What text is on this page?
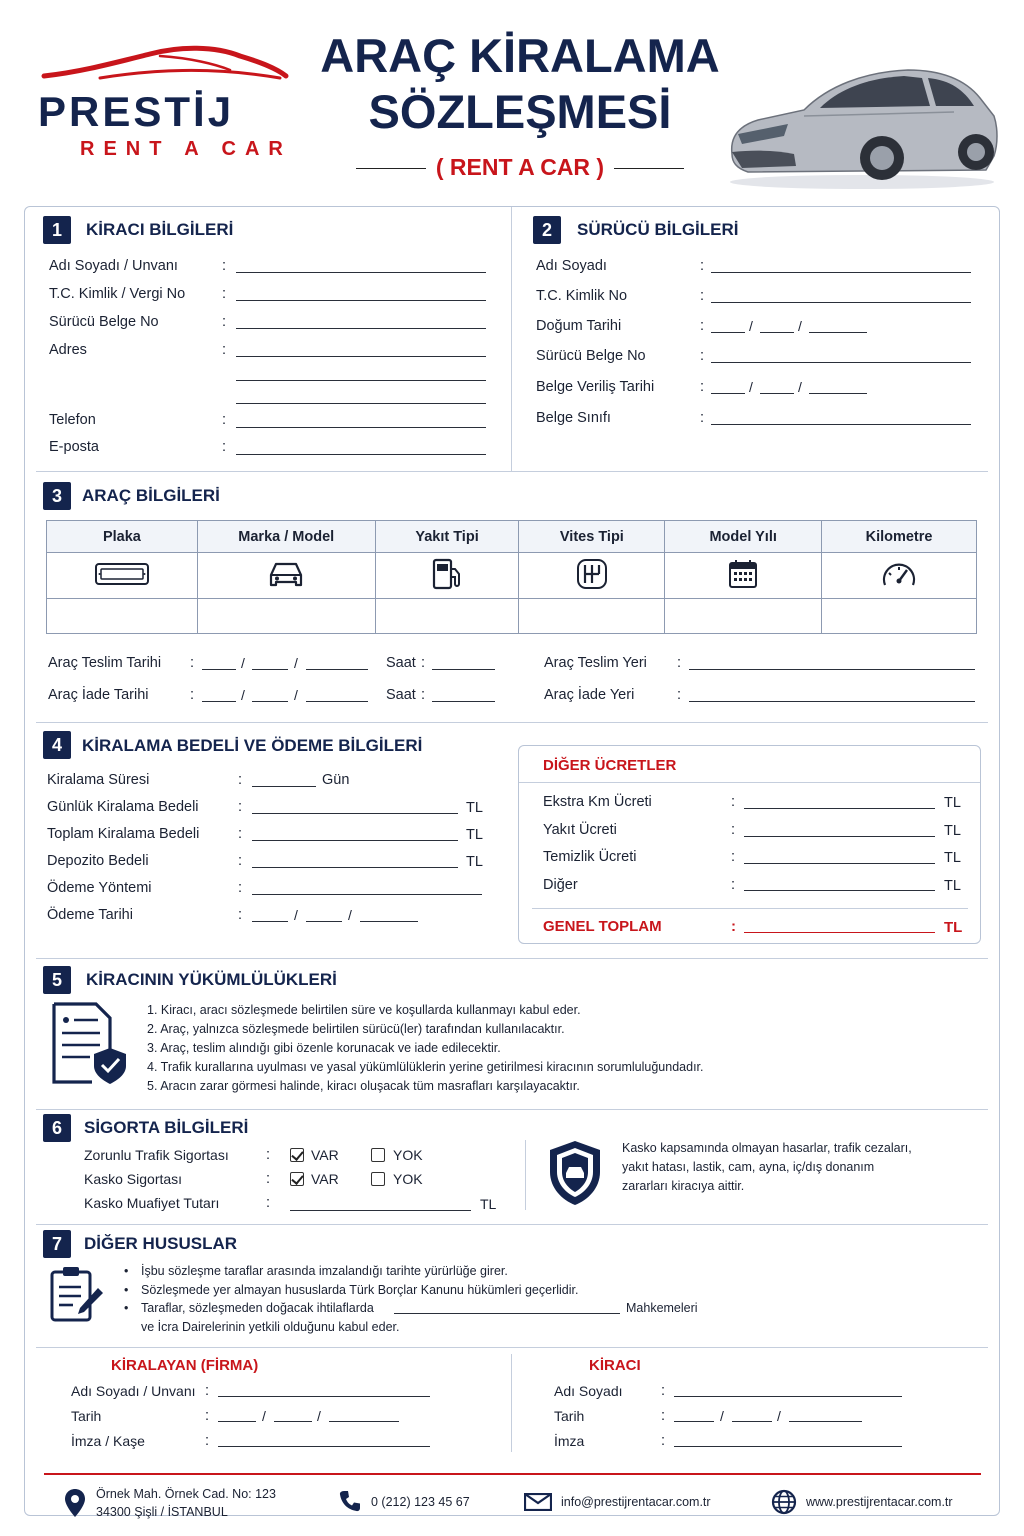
PRESTİJ
RENT A CAR
ARAÇ KİRALAMA
SÖZLEŞMESİ
( RENT A CAR )
1	KİRACI BİLGİLERİ
Adı Soyadı / Unvanı	:
T.C. Kimlik / Vergi No	:
Sürücü Belge No	:
Adres	:
Telefon	:
E-posta	:
2	SÜRÜCÜ BİLGİLERİ
Adı Soyadı	:
T.C. Kimlik No	:
Doğum Tarihi	:	/	/
Sürücü Belge No	:
Belge Veriliş Tarihi	:	/	/
Belge Sınıfı	:
3	ARAÇ BİLGİLERİ
Plaka	Marka / Model	Yakıt Tipi	Vites Tipi	Model Yılı	Kilometre

Araç Teslim Tarihi :	/	/	Saat :	Araç Teslim Yeri :
Araç İade Tarihi	:	/	/	Saat :	Araç İade Yeri	:
4	KİRALAMA BEDELİ VE ÖDEME BİLGİLERİ
Kiralama Süresi	:	Gün
Günlük Kiralama Bedeli	:	TL
Toplam Kiralama Bedeli	:	TL
Depozito Bedeli	:	TL
Ödeme Yöntemi	:
Ödeme Tarihi	:	/	/
DİĞER ÜCRETLER
Ekstra Km Ücreti	:	TL
Yakıt Ücreti	:	TL
Temizlik Ücreti	:	TL
Diğer	:	TL
GENEL TOPLAM	:	TL
5	KİRACININ YÜKÜMLÜLÜKLERİ
1. Kiracı, aracı sözleşmede belirtilen süre ve koşullarda kullanmayı kabul eder.
2. Araç, yalnızca sözleşmede belirtilen sürücü(ler) tarafından kullanılacaktır.
3. Araç, teslim alındığı gibi özenle korunacak ve iade edilecektir.
4. Trafik kurallarına uyulması ve yasal yükümlülüklerin yerine getirilmesi kiracının sorumluluğundadır.
5. Aracın zarar görmesi halinde, kiracı oluşacak tüm masrafları karşılayacaktır.
6	SİGORTA BİLGİLERİ
Zorunlu Trafik Sigortası	:	VAR	YOK
Kasko Sigortası	:	VAR	YOK
Kasko Muafiyet Tutarı	:	TL
Kasko kapsamında olmayan hasarlar, trafik cezaları,
yakıt hatası, lastik, cam, ayna, iç/dış donanım
zararları kiracıya aittir.
7	DİĞER HUSUSLAR
• İşbu sözleşme taraflar arasında imzalandığı tarihte yürürlüğe girer.
• Sözleşmede yer almayan hususlarda Türk Borçlar Kanunu hükümleri geçerlidir.
• Taraflar, sözleşmeden doğacak ihtilaflarda	Mahkemeleri
ve İcra Dairelerinin yetkili olduğunu kabul eder.
KİRALAYAN (FİRMA)
Adı Soyadı / Unvanı :
Tarih	:	/	/
İmza / Kaşe	:
KİRACI
Adı Soyadı	:
Tarih	:	/	/
İmza	:
Örnek Mah. Örnek Cad. No: 123
34300 Şişli / İSTANBUL
0 (212) 123 45 67	info@prestijrentacar.com.tr	www.prestijrentacar.com.tr
